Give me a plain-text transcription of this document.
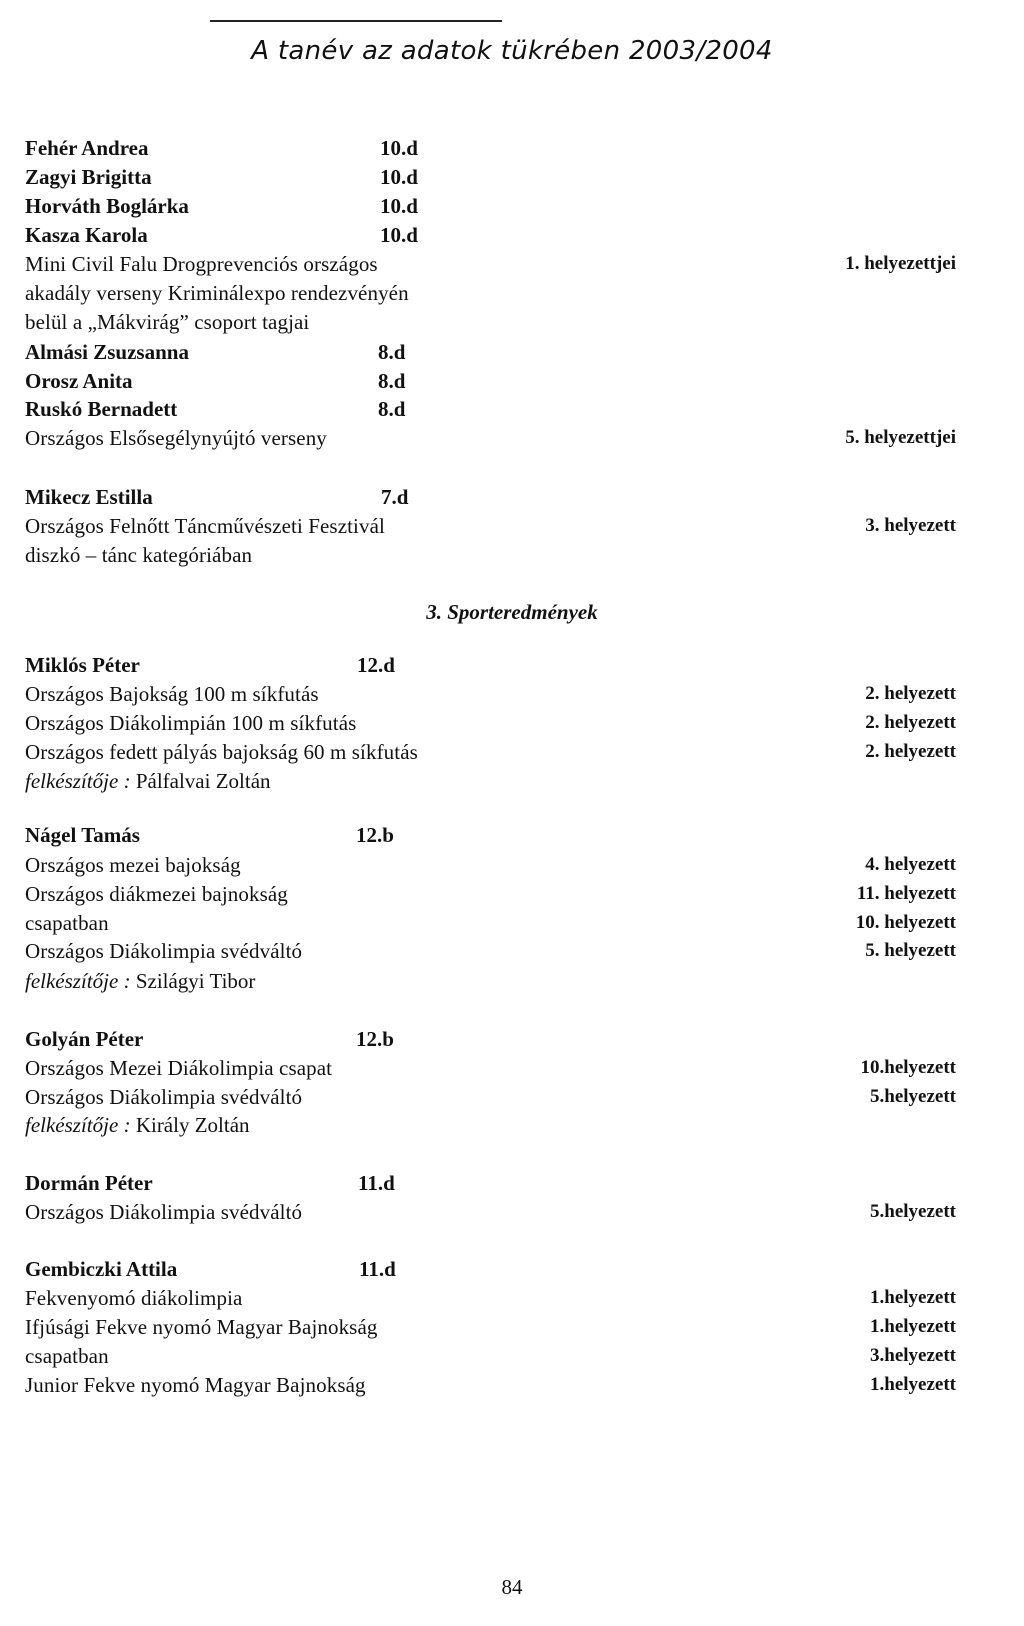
A tanév az adatok tükrében 2003/2004
Fehér Andrea	10.d
Zagyi Brigitta	10.d
Horváth Boglárka	10.d
Kasza Karola	10.d
Mini Civil Falu Drogprevenciós országos	1. helyezettjei
akadály verseny Kriminálexpo rendezvényén
belül a „Mákvirág” csoport tagjai
Almási Zsuzsanna	8.d
Orosz Anita	8.d
Ruskó Bernadett	8.d
Országos Elsősegélynyújtó verseny	5. helyezettjei
Mikecz Estilla	7.d
Országos Felnőtt Táncművészeti Fesztivál	3. helyezett
diszkó – tánc kategóriában
3. Sporteredmények
Miklós Péter	12.d
Országos Bajokság 100 m síkfutás	2. helyezett
Országos Diákolimpián 100 m síkfutás	2. helyezett
Országos fedett pályás bajokság 60 m síkfutás	2. helyezett
felkészítője : Pálfalvai Zoltán
Nágel Tamás	12.b
Országos mezei bajokság	4. helyezett
Országos diákmezei bajnokság	11. helyezett
csapatban	10. helyezett
Országos Diákolimpia svédváltó	5. helyezett
felkészítője : Szilágyi Tibor
Golyán Péter	12.b
Országos Mezei Diákolimpia csapat	10.helyezett
Országos Diákolimpia svédváltó	5.helyezett
felkészítője : Király Zoltán
Dormán Péter	11.d
Országos Diákolimpia svédváltó	5.helyezett
Gembiczki Attila	11.d
Fekvenyomó diákolimpia	1.helyezett
Ifjúsági Fekve nyomó Magyar Bajnokság	1.helyezett
csapatban	3.helyezett
Junior Fekve nyomó Magyar Bajnokság	1.helyezett
84
